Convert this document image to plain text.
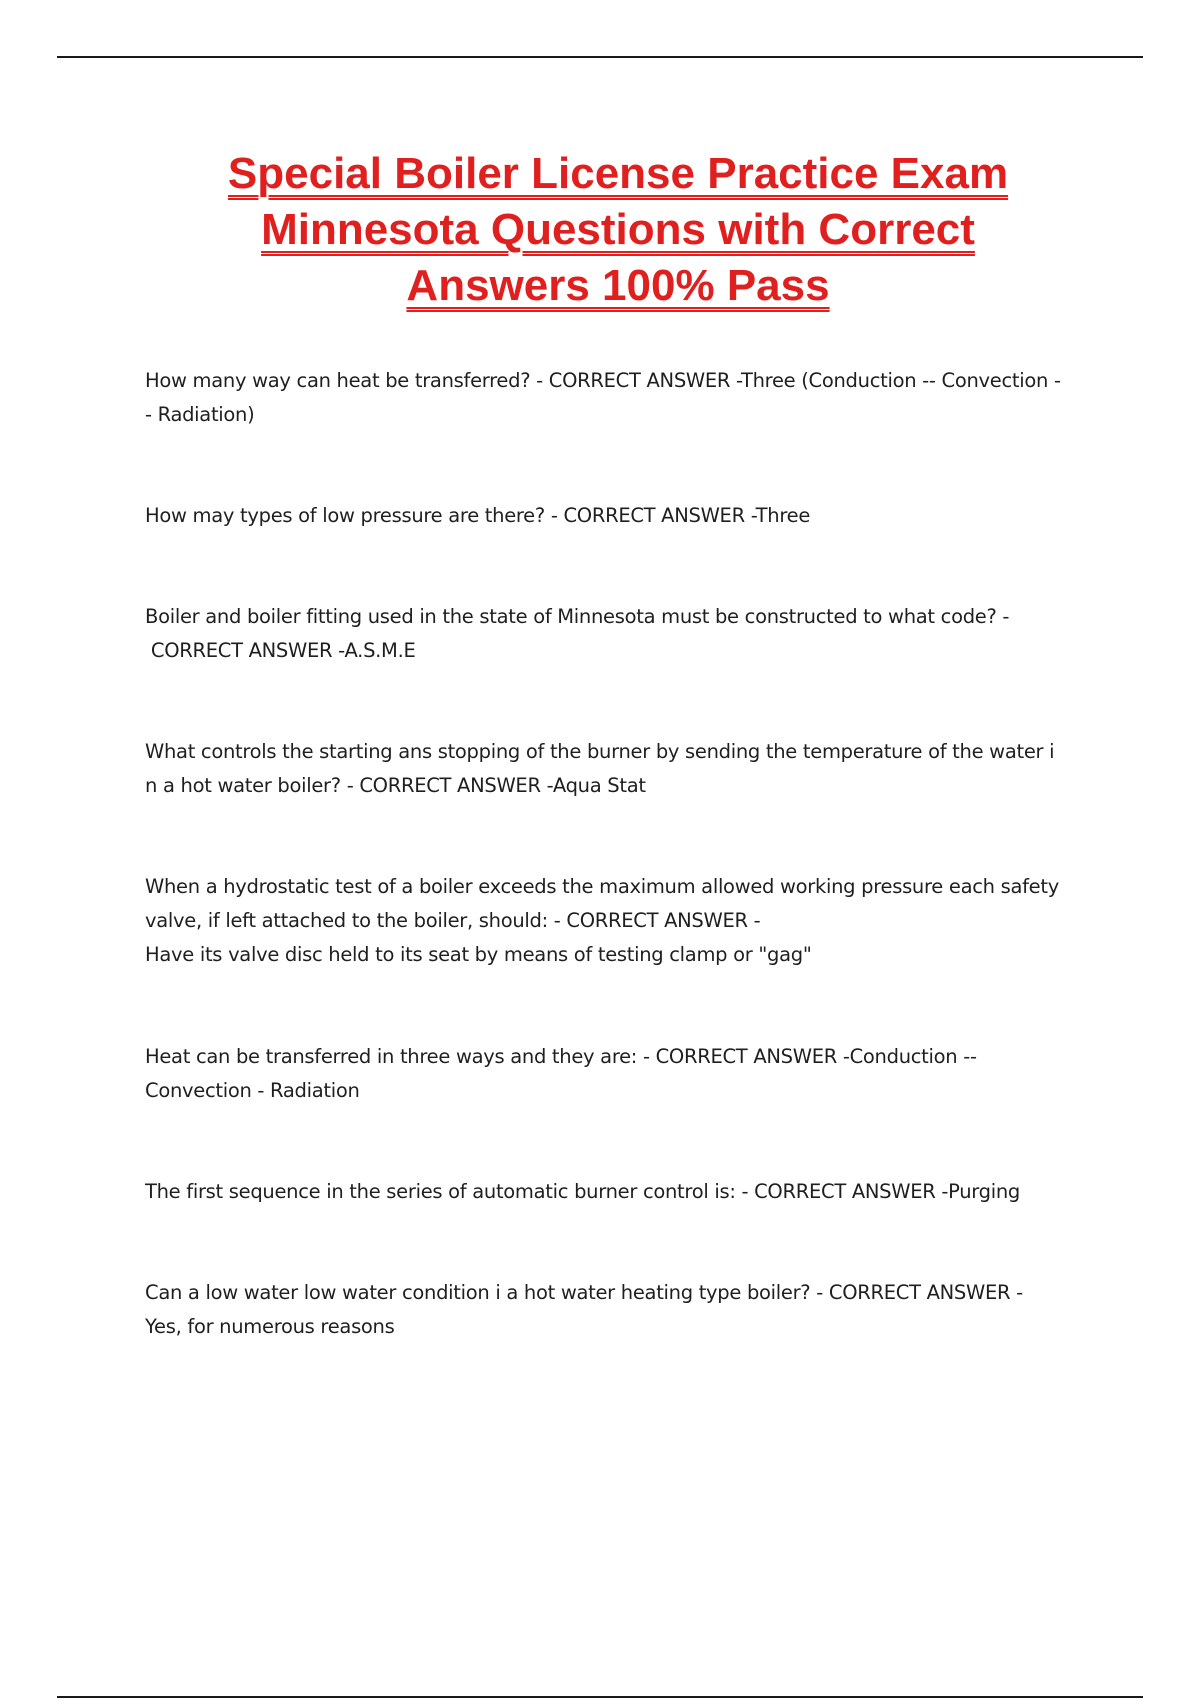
Special Boiler License Practice Exam
Minnesota Questions with Correct
Answers 100% Pass
How many way can heat be transferred? - CORRECT ANSWER -Three (Conduction -- Convection -
- Radiation)
How may types of low pressure are there? - CORRECT ANSWER -Three
Boiler and boiler fitting used in the state of Minnesota must be constructed to what code? -
CORRECT ANSWER -A.S.M.E
What controls the starting ans stopping of the burner by sending the temperature of the water i
n a hot water boiler? - CORRECT ANSWER -Aqua Stat
When a hydrostatic test of a boiler exceeds the maximum allowed working pressure each safety
valve, if left attached to the boiler, should: - CORRECT ANSWER -
Have its valve disc held to its seat by means of testing clamp or "gag"
Heat can be transferred in three ways and they are: - CORRECT ANSWER -Conduction --
Convection - Radiation
The first sequence in the series of automatic burner control is: - CORRECT ANSWER -Purging
Can a low water low water condition i a hot water heating type boiler? - CORRECT ANSWER -
Yes, for numerous reasons
